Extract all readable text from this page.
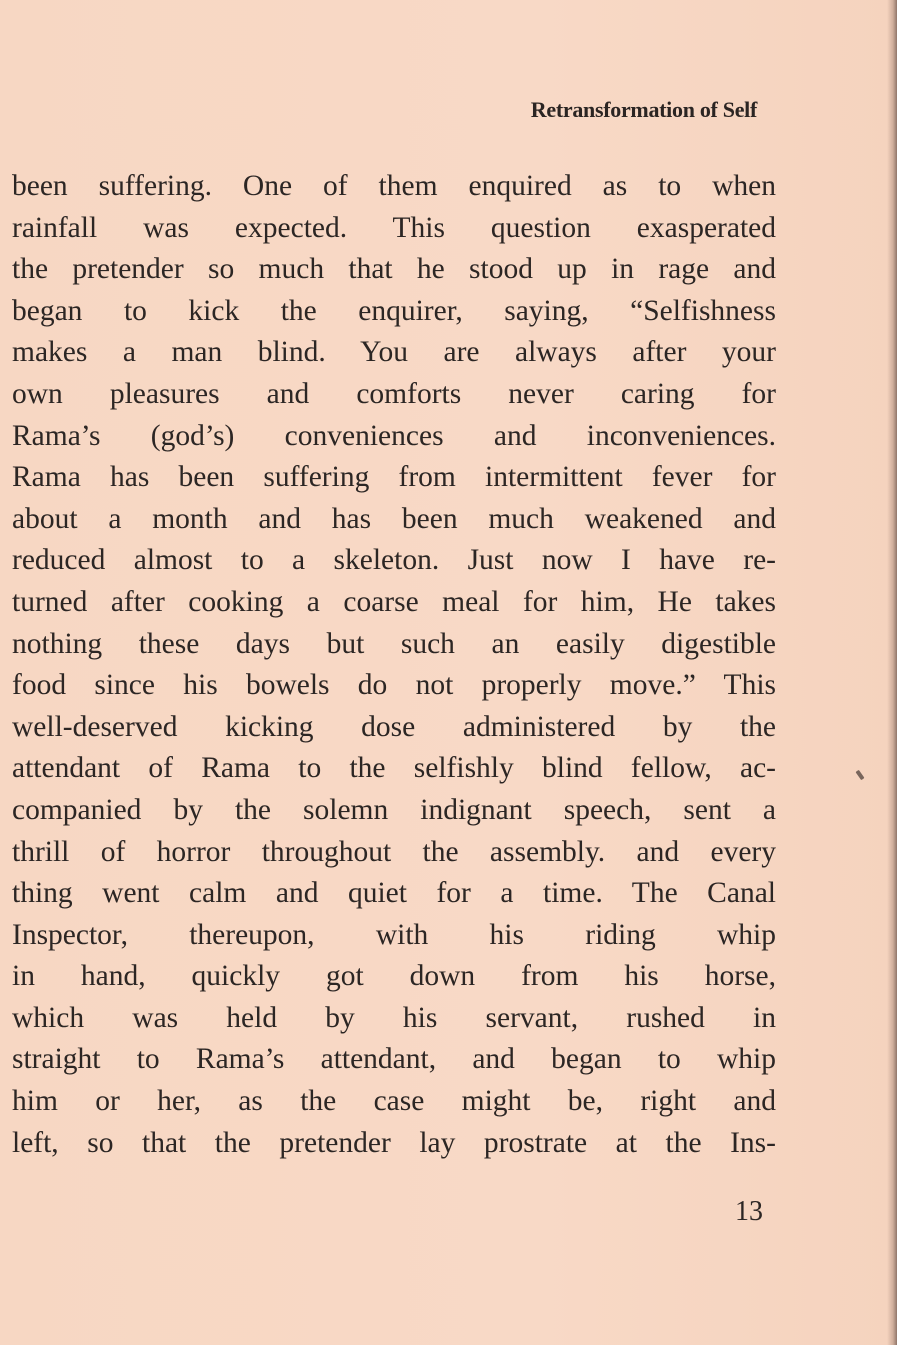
Retransformation of Self
been suffering. One of them enquired as to when
rainfall was expected. This question exasperated
the pretender so much that he stood up in rage and
began to kick the enquirer, saying, “Selfishness
makes a man blind. You are always after your
own pleasures and comforts never caring for
Rama’s (god’s) conveniences and inconveniences.
Rama has been suffering from intermittent fever for
about a month and has been much weakened and
reduced almost to a skeleton. Just now I have re-
turned after cooking a coarse meal for him, He takes
nothing these days but such an easily digestible
food since his bowels do not properly move.” This
well-deserved kicking dose administered by the
attendant of Rama to the selfishly blind fellow, ac-
companied by the solemn indignant speech, sent a
thrill of horror throughout the assembly. and every
thing went calm and quiet for a time. The Canal
Inspector, thereupon, with his riding whip
in hand, quickly got down from his horse,
which was held by his servant, rushed in
straight to Rama’s attendant, and began to whip
him or her, as the case might be, right and
left, so that the pretender lay prostrate at the Ins-
13
